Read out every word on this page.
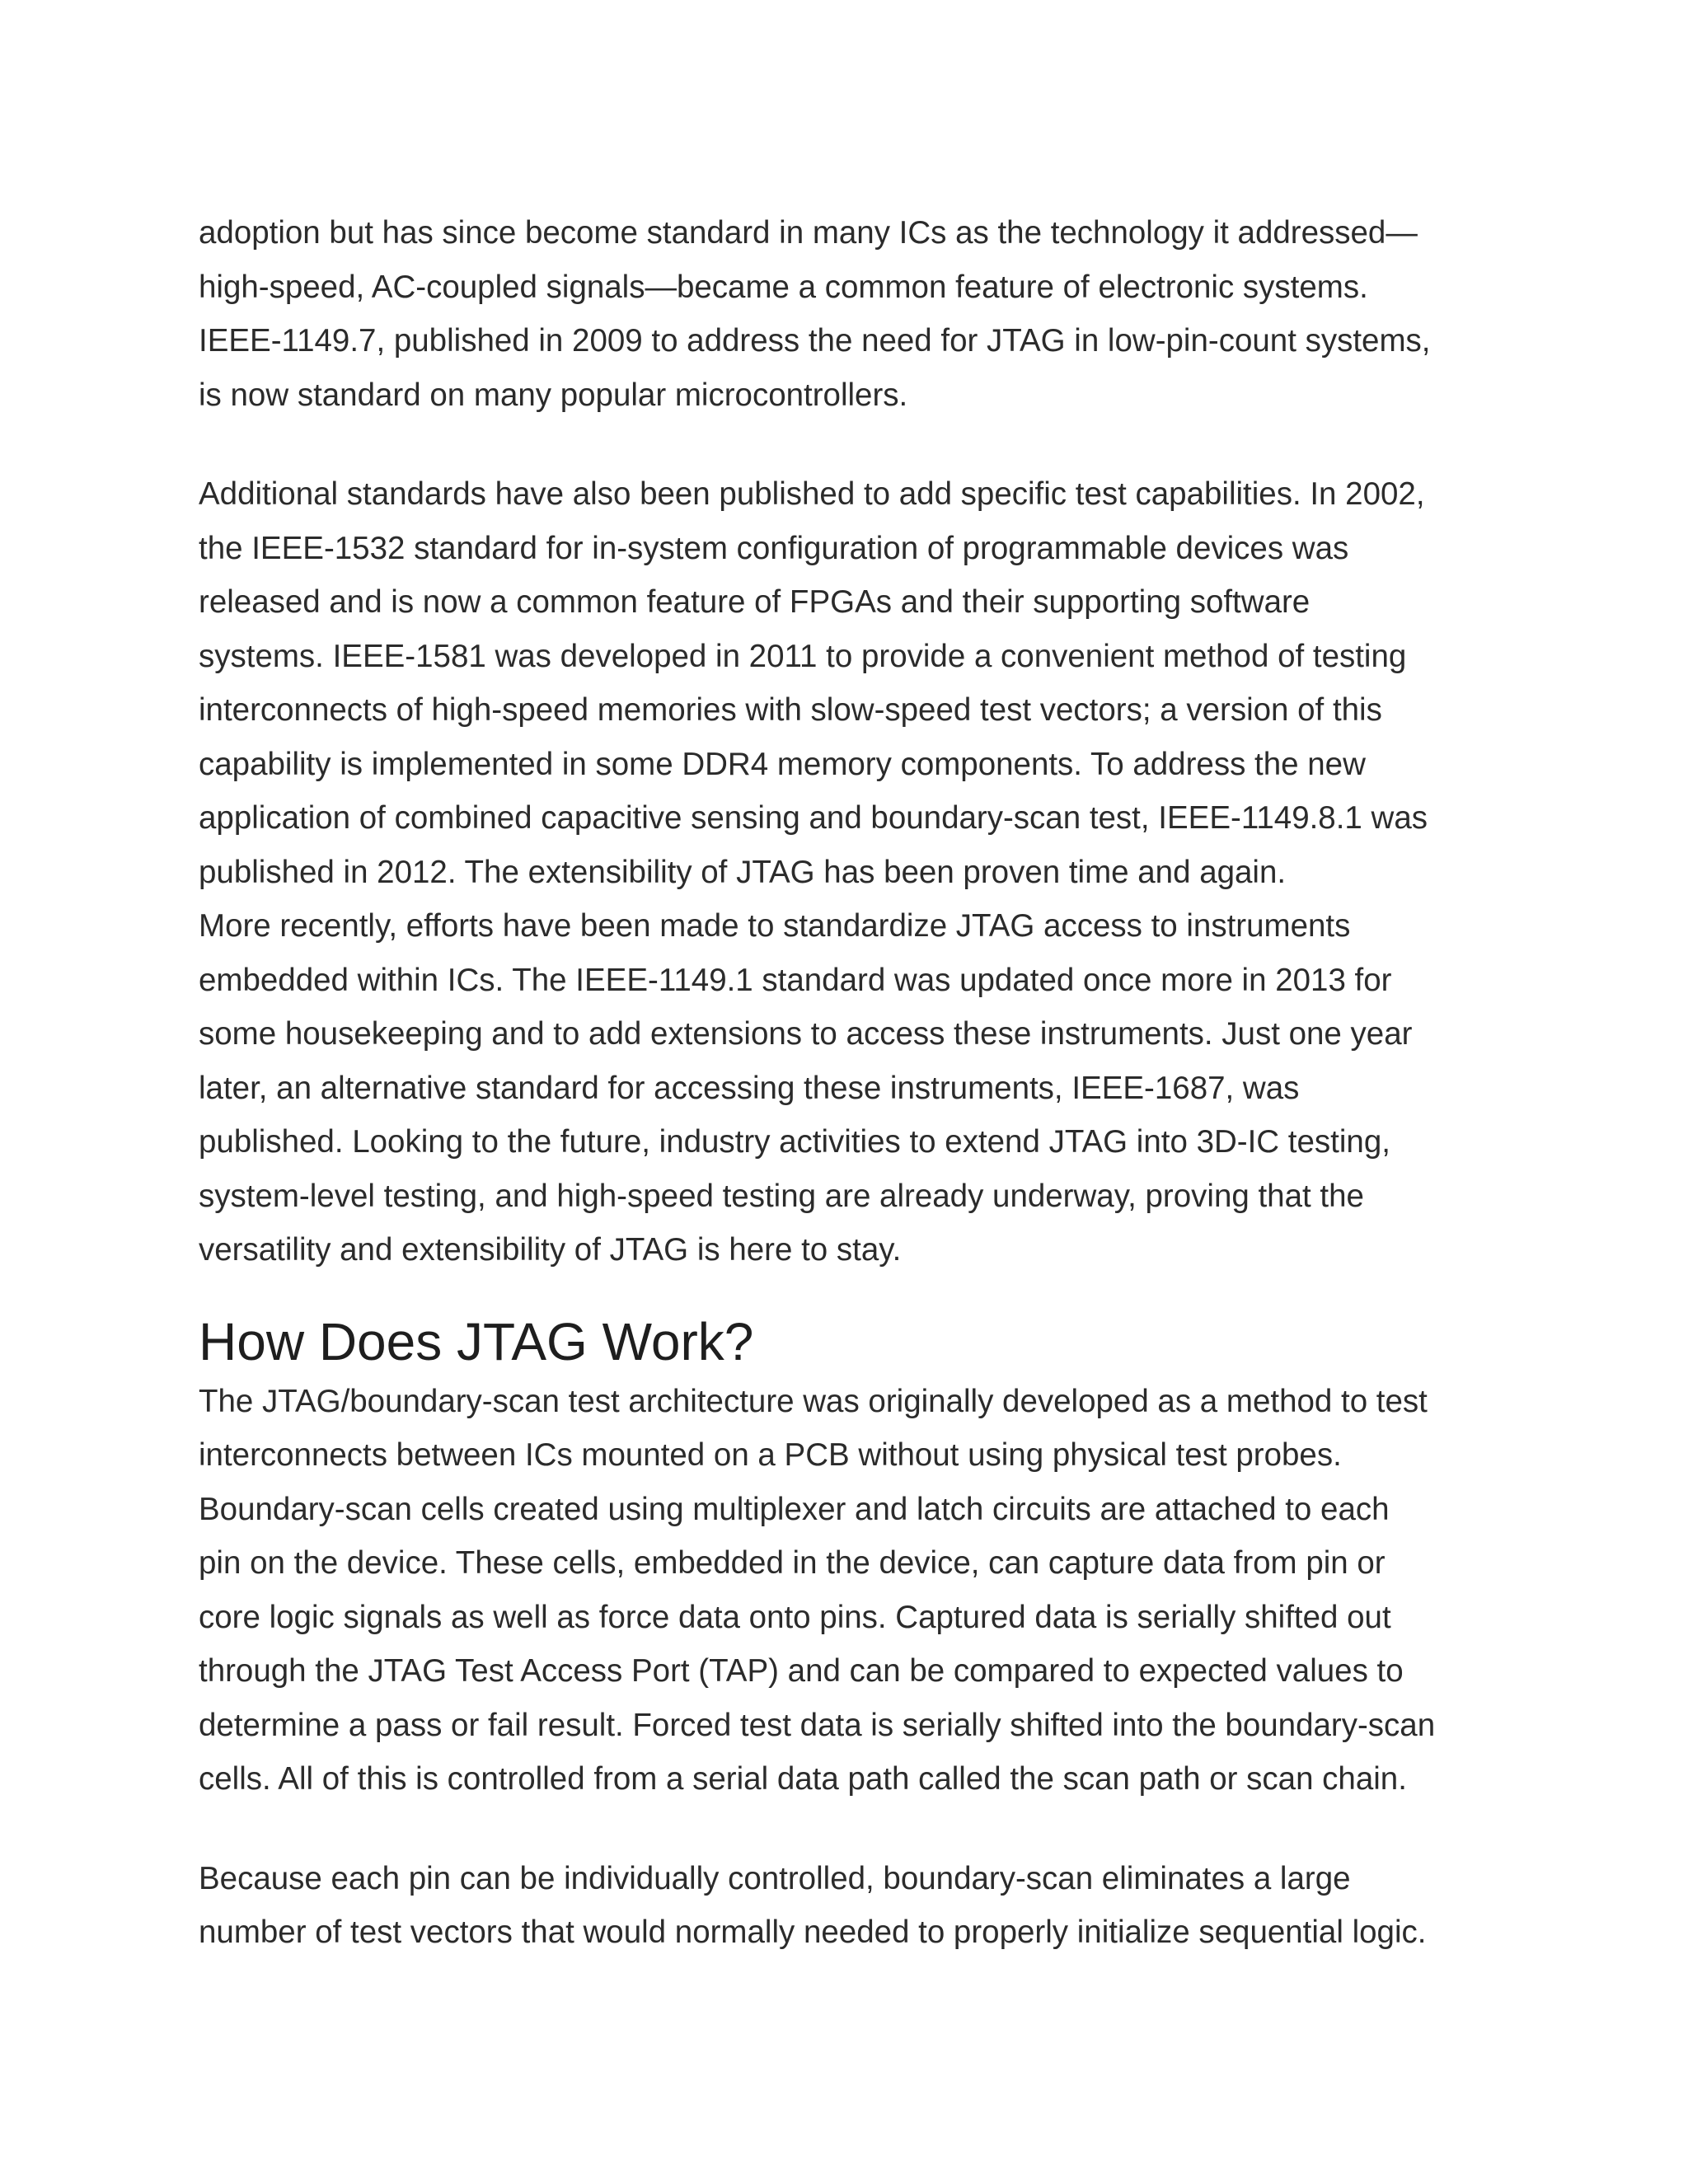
adoption but has since become standard in many ICs as the technology it addressed—
high-speed, AC-coupled signals—became a common feature of electronic systems.
IEEE-1149.7, published in 2009 to address the need for JTAG in low-pin-count systems,
is now standard on many popular microcontrollers.

Additional standards have also been published to add specific test capabilities. In 2002,
the IEEE-1532 standard for in-system configuration of programmable devices was
released and is now a common feature of FPGAs and their supporting software
systems. IEEE-1581 was developed in 2011 to provide a convenient method of testing
interconnects of high-speed memories with slow-speed test vectors; a version of this
capability is implemented in some DDR4 memory components. To address the new
application of combined capacitive sensing and boundary-scan test, IEEE-1149.8.1 was
published in 2012. The extensibility of JTAG has been proven time and again.
More recently, efforts have been made to standardize JTAG access to instruments
embedded within ICs. The IEEE-1149.1 standard was updated once more in 2013 for
some housekeeping and to add extensions to access these instruments. Just one year
later, an alternative standard for accessing these instruments, IEEE-1687, was
published. Looking to the future, industry activities to extend JTAG into 3D-IC testing,
system-level testing, and high-speed testing are already underway, proving that the
versatility and extensibility of JTAG is here to stay.

How Does JTAG Work?

The JTAG/boundary-scan test architecture was originally developed as a method to test
interconnects between ICs mounted on a PCB without using physical test probes.
Boundary-scan cells created using multiplexer and latch circuits are attached to each
pin on the device. These cells, embedded in the device, can capture data from pin or
core logic signals as well as force data onto pins. Captured data is serially shifted out
through the JTAG Test Access Port (TAP) and can be compared to expected values to
determine a pass or fail result. Forced test data is serially shifted into the boundary-scan
cells. All of this is controlled from a serial data path called the scan path or scan chain.

Because each pin can be individually controlled, boundary-scan eliminates a large
number of test vectors that would normally needed to properly initialize sequential logic.
